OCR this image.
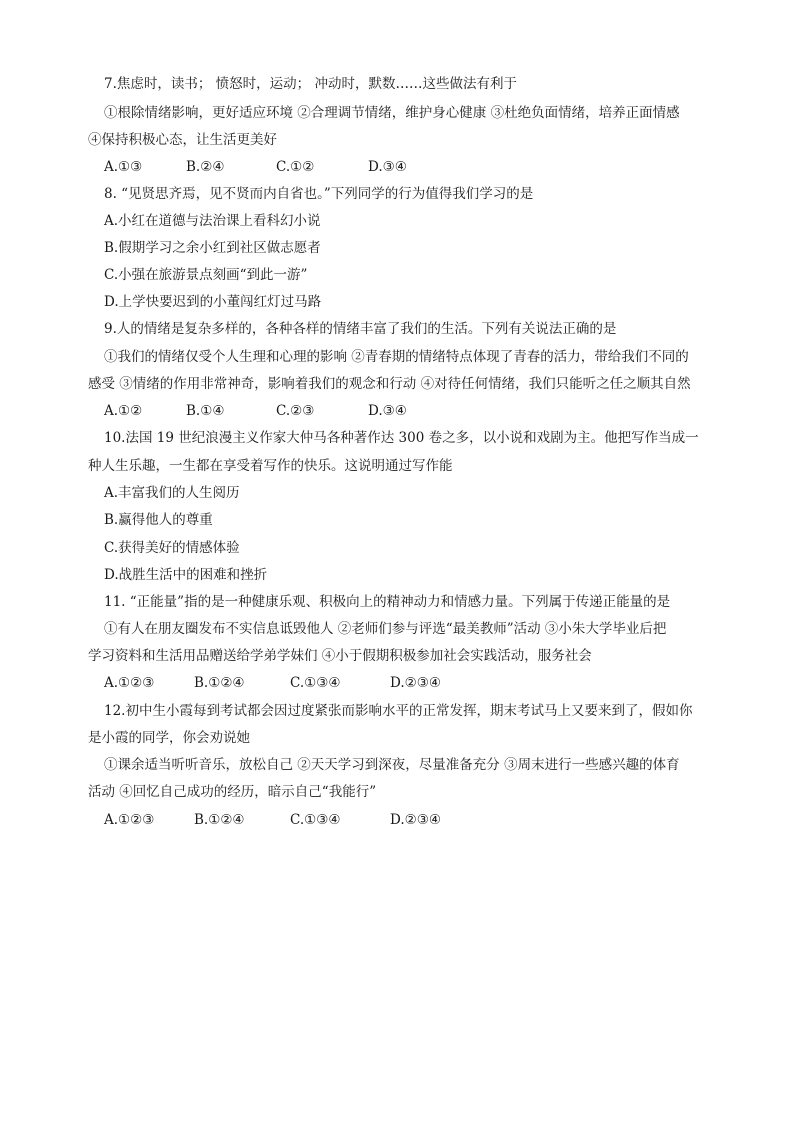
7.焦虑时，读书； 愤怒时，运动； 冲动时，默数……这些做法有利于
①根除情绪影响，更好适应环境 ②合理调节情绪，维护身心健康 ③杜绝负面情绪，培养正面情感
④保持积极心态，让生活更美好
A.①③	B.②④	C.①②	D.③④
8. “见贤思齐焉，见不贤而内自省也。”下列同学的行为值得我们学习的是
A.小红在道德与法治课上看科幻小说
B.假期学习之余小红到社区做志愿者
C.小强在旅游景点刻画“到此一游”
D.上学快要迟到的小董闯红灯过马路
9.人的情绪是复杂多样的，各种各样的情绪丰富了我们的生活。下列有关说法正确的是
①我们的情绪仅受个人生理和心理的影响 ②青春期的情绪特点体现了青春的活力，带给我们不同的
感受 ③情绪的作用非常神奇，影响着我们的观念和行动 ④对待任何情绪，我们只能听之任之顺其自然
A.①②	B.①④	C.②③	D.③④
10.法国 19 世纪浪漫主义作家大仲马各种著作达 300 卷之多，以小说和戏剧为主。他把写作当成一
种人生乐趣，一生都在享受着写作的快乐。这说明通过写作能
A.丰富我们的人生阅历
B.赢得他人的尊重
C.获得美好的情感体验
D.战胜生活中的困难和挫折
11. “正能量”指的是一种健康乐观、积极向上的精神动力和情感力量。下列属于传递正能量的是
①有人在朋友圈发布不实信息诋毁他人 ②老师们参与评选“最美教师”活动 ③小朱大学毕业后把
学习资料和生活用品赠送给学弟学妹们 ④小于假期积极参加社会实践活动，服务社会
A.①②③	B.①②④	C.①③④	D.②③④
12.初中生小霞每到考试都会因过度紧张而影响水平的正常发挥，期末考试马上又要来到了，假如你
是小霞的同学，你会劝说她
①课余适当听听音乐，放松自己 ②天天学习到深夜，尽量准备充分 ③周末进行一些感兴趣的体育
活动 ④回忆自己成功的经历，暗示自己“我能行”
A.①②③	B.①②④	C.①③④	D.②③④
